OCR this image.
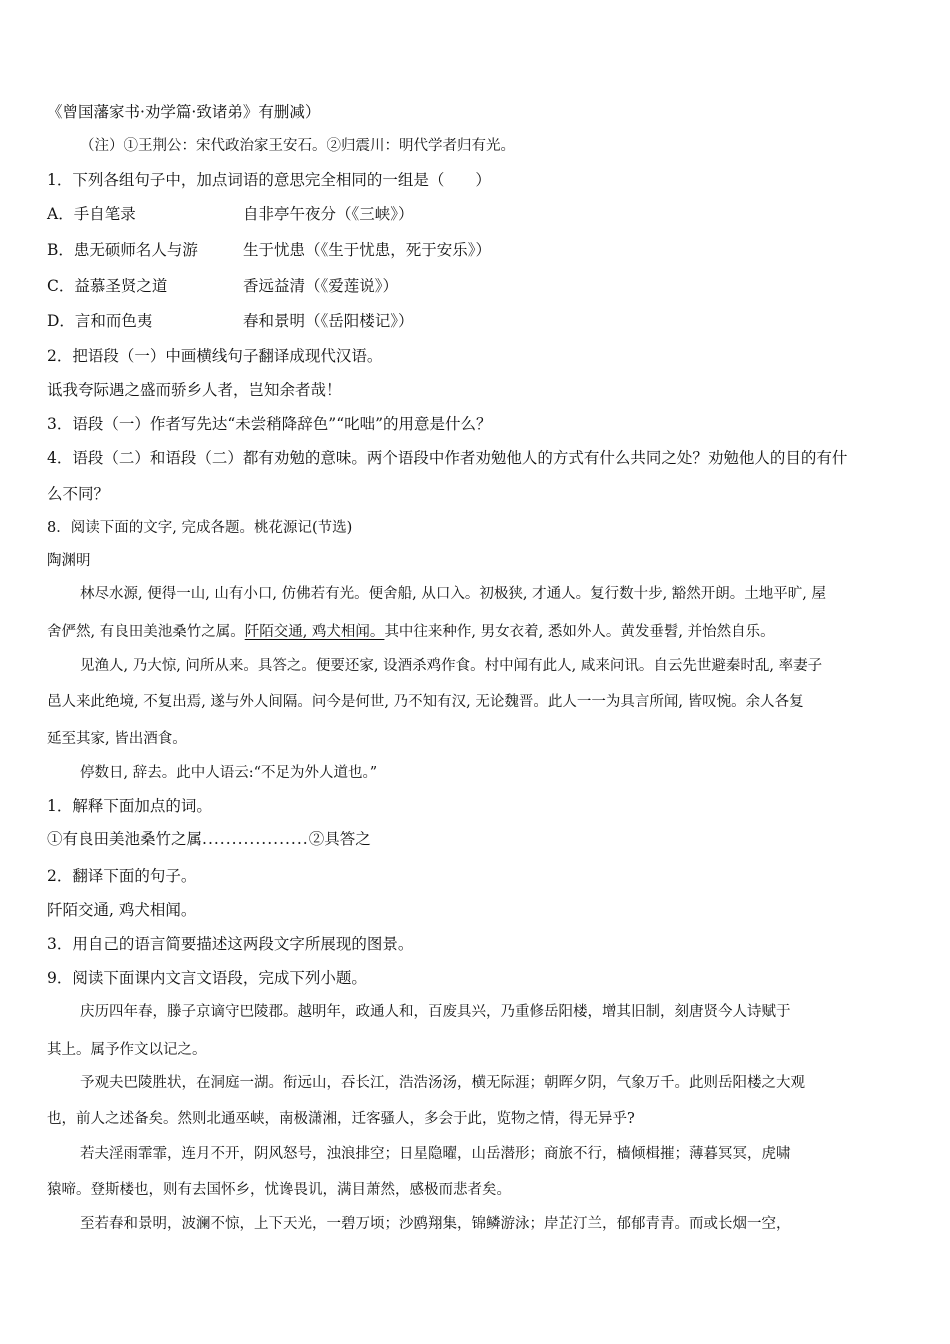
《曾国藩家书·劝学篇·致诸弟》有删减）
（注）①王荆公：宋代政治家王安石。②归震川：明代学者归有光。
1．下列各组句子中，加点词语的意思完全相同的一组是（　　）
A．手自笔录	自非亭午夜分（《三峡》）
B．患无硕师名人与游	生于忧患（《生于忧患，死于安乐》）
C．益慕圣贤之道	香远益清（《爱莲说》）
D．言和而色夷	春和景明（《岳阳楼记》）
2．把语段（一）中画横线句子翻译成现代汉语。
诋我夸际遇之盛而骄乡人者，岂知余者哉！
3．语段（一）作者写先达“未尝稍降辞色”“叱咄”的用意是什么？
4．语段（二）和语段（二）都有劝勉的意味。两个语段中作者劝勉他人的方式有什么共同之处？劝勉他人的目的有什
么不同？
8．阅读下面的文字, 完成各题。桃花源记(节选)
陶渊明
林尽水源, 便得一山, 山有小口, 仿佛若有光。便舍船, 从口入。初极狭, 才通人。复行数十步, 豁然开朗。土地平旷, 屋
舍俨然, 有良田美池桑竹之属。阡陌交通, 鸡犬相闻。其中往来种作, 男女衣着, 悉如外人。黄发垂髫, 并怡然自乐。
见渔人, 乃大惊, 问所从来。具答之。便要还家, 设酒杀鸡作食。村中闻有此人, 咸来问讯。自云先世避秦时乱, 率妻子
邑人来此绝境, 不复出焉, 遂与外人间隔。问今是何世, 乃不知有汉, 无论魏晋。此人一一为具言所闻, 皆叹惋。余人各复
延至其家, 皆出酒食。
停数日, 辞去。此中人语云:“不足为外人道也。”
1．解释下面加点的词。
①有良田美池桑竹之属..................②具答之
2．翻译下面的句子。
阡陌交通, 鸡犬相闻。
3．用自己的语言简要描述这两段文字所展现的图景。
9．阅读下面课内文言文语段，完成下列小题。
庆历四年春，滕子京谪守巴陵郡。越明年，政通人和，百废具兴，乃重修岳阳楼，增其旧制，刻唐贤今人诗赋于
其上。属予作文以记之。
予观夫巴陵胜状，在洞庭一湖。衔远山，吞长江，浩浩汤汤，横无际涯；朝晖夕阴，气象万千。此则岳阳楼之大观
也，前人之述备矣。然则北通巫峡，南极潇湘，迁客骚人，多会于此，览物之情，得无异乎?
若夫淫雨霏霏，连月不开，阴风怒号，浊浪排空；日星隐曜，山岳潜形；商旅不行，樯倾楫摧；薄暮冥冥，虎啸
猿啼。登斯楼也，则有去国怀乡，忧谗畏讥，满目萧然，感极而悲者矣。
至若春和景明，波澜不惊，上下天光，一碧万顷；沙鸥翔集，锦鳞游泳；岸芷汀兰，郁郁青青。而或长烟一空，
